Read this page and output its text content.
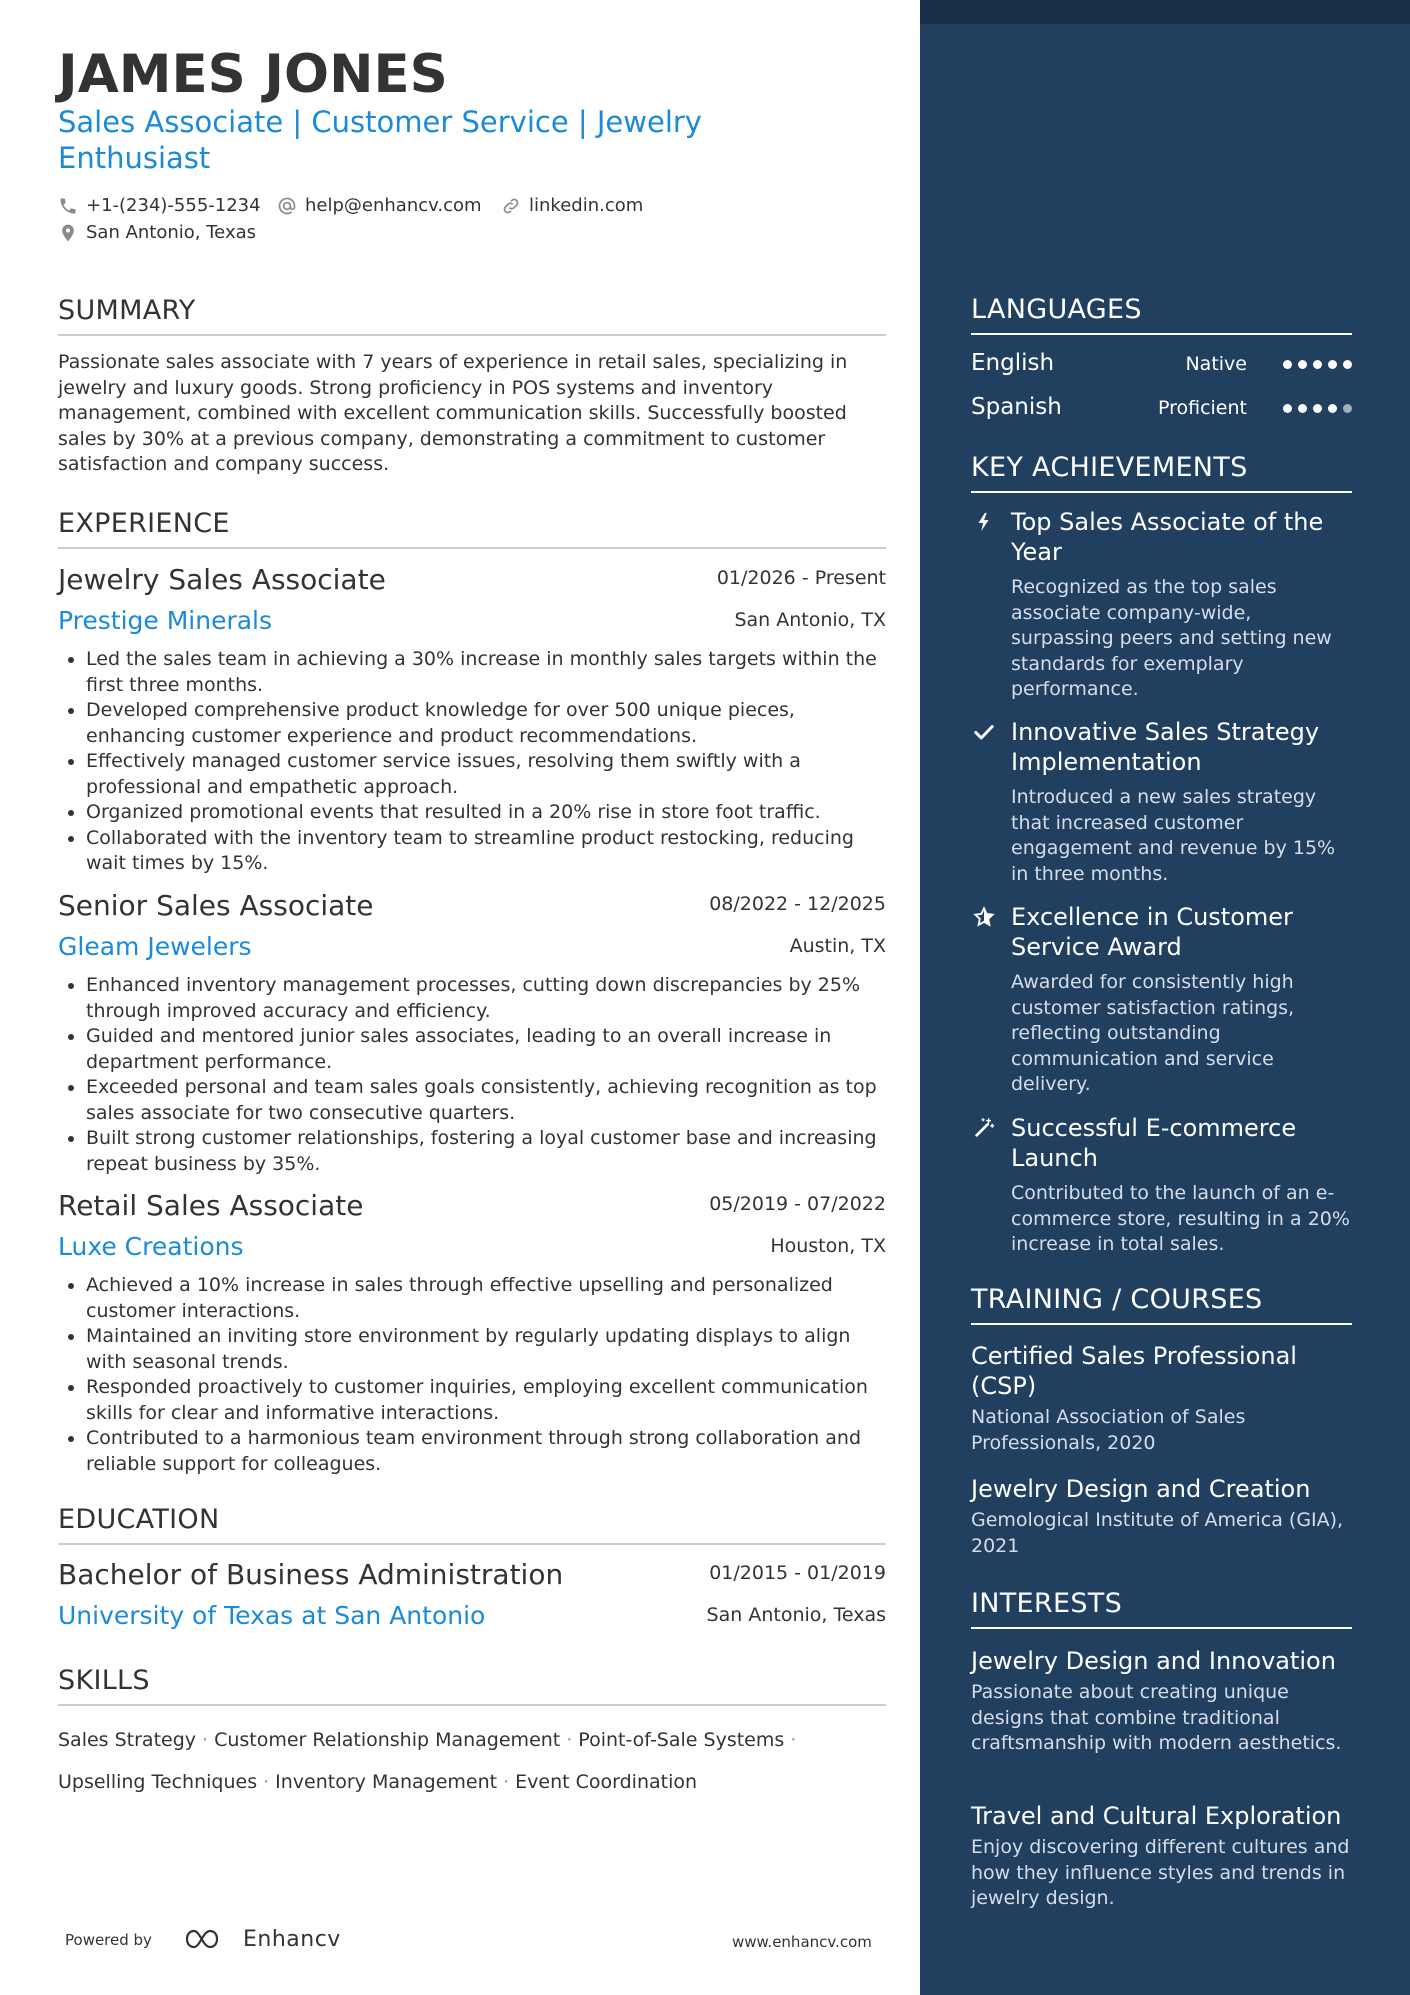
JAMES JONES
Sales Associate | Customer Service | Jewelry Enthusiast
+1-(234)-555-1234 help@enhancv.com	linkedin.com
San Antonio, Texas
SUMMARY
Passionate sales associate with 7 years of experience in retail sales, specializing in jewelry and luxury goods. Strong proficiency in POS systems and inventory management, combined with excellent communication skills. Successfully boosted sales by 30% at a previous company, demonstrating a commitment to customer satisfaction and company success.
EXPERIENCE
Jewelry Sales Associate	01/2026 - Present
Prestige Minerals	San Antonio, TX
• Led the sales team in achieving a 30% increase in monthly sales targets within the first three months.
• Developed comprehensive product knowledge for over 500 unique pieces, enhancing customer experience and product recommendations.
• Effectively managed customer service issues, resolving them swiftly with a professional and empathetic approach.
• Organized promotional events that resulted in a 20% rise in store foot traffic.
• Collaborated with the inventory team to streamline product restocking, reducing wait times by 15%.
Senior Sales Associate	08/2022 - 12/2025
Gleam Jewelers	Austin, TX
• Enhanced inventory management processes, cutting down discrepancies by 25% through improved accuracy and efficiency.
• Guided and mentored junior sales associates, leading to an overall increase in department performance.
• Exceeded personal and team sales goals consistently, achieving recognition as top sales associate for two consecutive quarters.
• Built strong customer relationships, fostering a loyal customer base and increasing repeat business by 35%.
Retail Sales Associate	05/2019 - 07/2022
Luxe Creations	Houston, TX
• Achieved a 10% increase in sales through effective upselling and personalized customer interactions.
• Maintained an inviting store environment by regularly updating displays to align with seasonal trends.
• Responded proactively to customer inquiries, employing excellent communication skills for clear and informative interactions.
• Contributed to a harmonious team environment through strong collaboration and reliable support for colleagues.
EDUCATION
Bachelor of Business Administration	01/2015 - 01/2019
University of Texas at San Antonio	San Antonio, Texas
SKILLS
Sales Strategy · Customer Relationship Management · Point-of-Sale Systems ·
Upselling Techniques · Inventory Management · Event Coordination
Powered by	Enhancv	www.enhancv.com
LANGUAGES
English	Native
Spanish	Proficient
KEY ACHIEVEMENTS
Top Sales Associate of the Year
Recognized as the top sales associate company-wide, surpassing peers and setting new standards for exemplary performance.
Innovative Sales Strategy Implementation
Introduced a new sales strategy that increased customer engagement and revenue by 15% in three months.
Excellence in Customer Service Award
Awarded for consistently high customer satisfaction ratings, reflecting outstanding communication and service delivery.
Successful E-commerce Launch
Contributed to the launch of an e-commerce store, resulting in a 20% increase in total sales.
TRAINING / COURSES
Certified Sales Professional (CSP)
National Association of Sales Professionals, 2020
Jewelry Design and Creation
Gemological Institute of America (GIA), 2021
INTERESTS
Jewelry Design and Innovation
Passionate about creating unique designs that combine traditional craftsmanship with modern aesthetics.
Travel and Cultural Exploration
Enjoy discovering different cultures and how they influence styles and trends in jewelry design.
